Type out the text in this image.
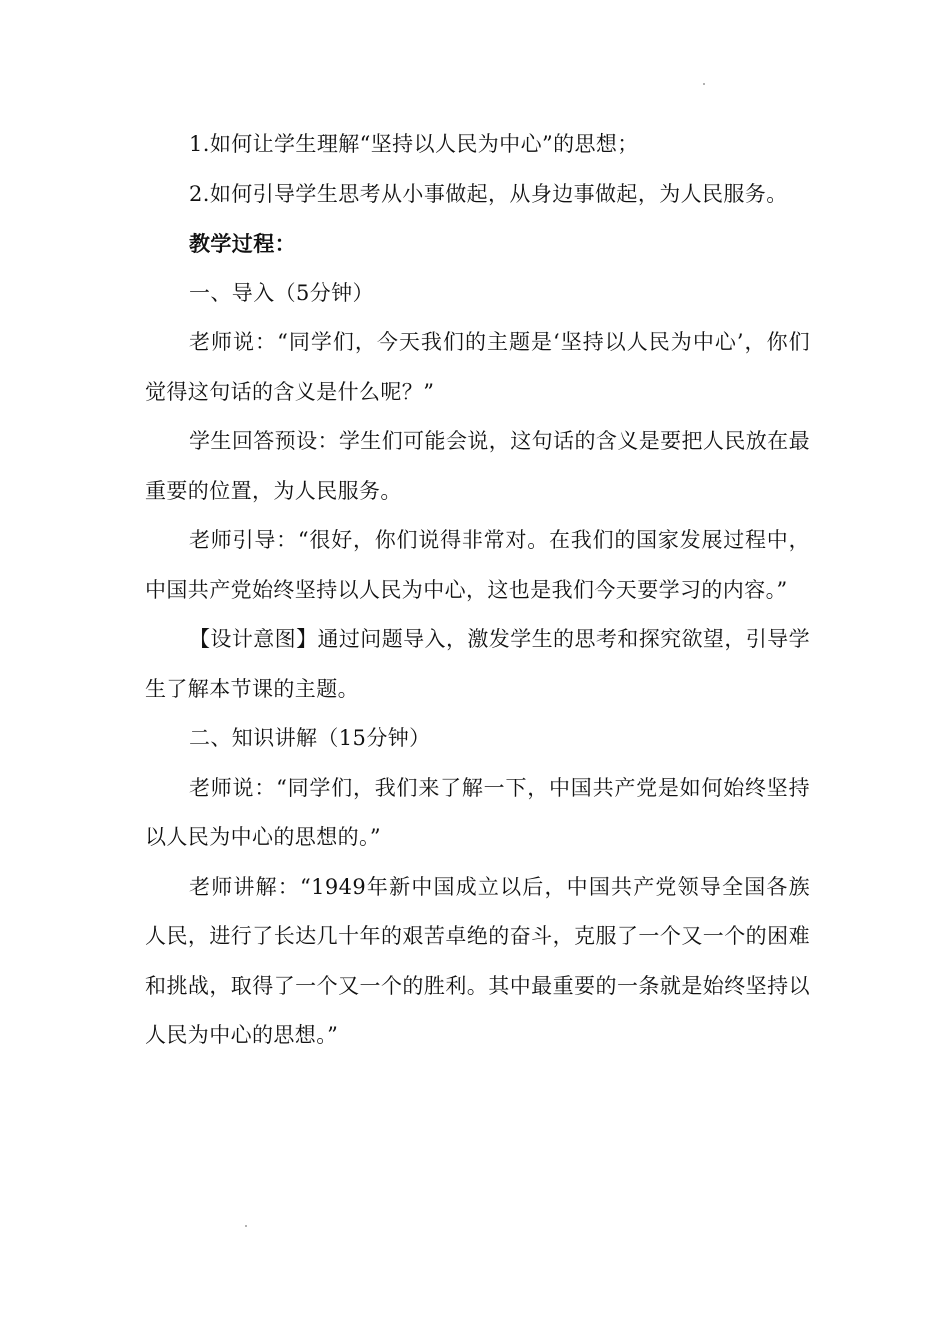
1.如何让学生理解“坚持以人民为中心”的思想；

2.如何引导学生思考从小事做起，从身边事做起，为人民服务。

教学过程：

一、导入（5分钟）

老师说：“同学们，今天我们的主题是‘坚持以人民为中心’，你们觉得这句话的含义是什么呢？”

学生回答预设：学生们可能会说，这句话的含义是要把人民放在最重要的位置，为人民服务。

老师引导：“很好，你们说得非常对。在我们的国家发展过程中，中国共产党始终坚持以人民为中心，这也是我们今天要学习的内容。”

【设计意图】通过问题导入，激发学生的思考和探究欲望，引导学生了解本节课的主题。

二、知识讲解（15分钟）

老师说：“同学们，我们来了解一下，中国共产党是如何始终坚持以人民为中心的思想的。”

老师讲解：“1949年新中国成立以后，中国共产党领导全国各族人民，进行了长达几十年的艰苦卓绝的奋斗，克服了一个又一个的困难和挑战，取得了一个又一个的胜利。其中最重要的一条就是始终坚持以人民为中心的思想。”
